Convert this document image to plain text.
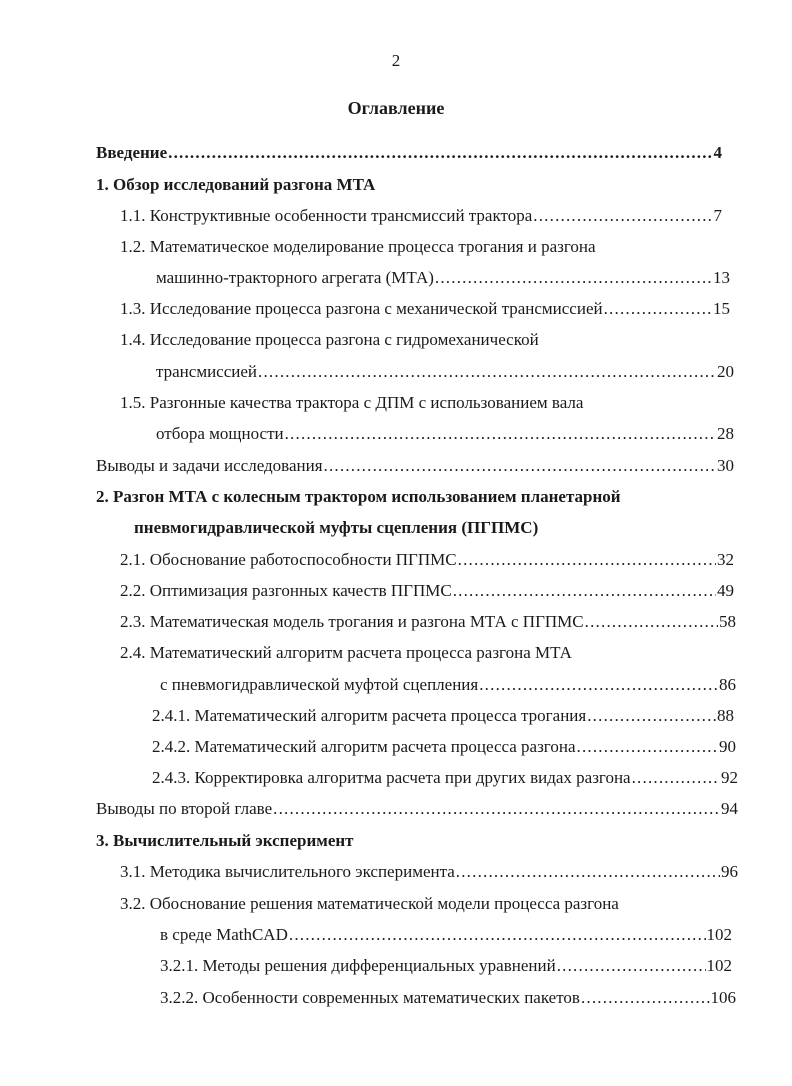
2
Оглавление
Введение .....	4
1. Обзор исследований разгона МТА
1.1. Конструктивные особенности трансмиссий трактора .....	7
1.2. Математическое моделирование процесса трогания и разгона
машинно-тракторного агрегата (МТА) .....	13
1.3. Исследование процесса разгона с механической трансмиссией .....	15
1.4. Исследование процесса разгона с гидромеханической
трансмиссией .....	20
1.5. Разгонные качества трактора с ДПМ с использованием вала
отбора мощности .....	28
Выводы и задачи исследования .....	30
2. Разгон МТА с колесным трактором использованием планетарной
пневмогидравлической муфты сцепления (ПГПМС)
2.1. Обоснование работоспособности ПГПМС .....	32
2.2. Оптимизация разгонных качеств ПГПМС .....	49
2.3. Математическая модель трогания и разгона МТА с ПГПМС .....	58
2.4. Математический алгоритм расчета процесса разгона МТА
с пневмогидравлической муфтой сцепления .....	86
2.4.1. Математический алгоритм расчета процесса трогания .....	88
2.4.2. Математический алгоритм расчета процесса разгона .....	90
2.4.3. Корректировка алгоритма расчета при других видах разгона .....	92
Выводы по второй главе .....	94
3. Вычислительный эксперимент
3.1. Методика вычислительного эксперимента .....	96
3.2. Обоснование решения математической модели процесса разгона
в среде MathCAD .....	102
3.2.1. Методы решения дифференциальных уравнений .....	102
3.2.2. Особенности современных математических пакетов .....	106
